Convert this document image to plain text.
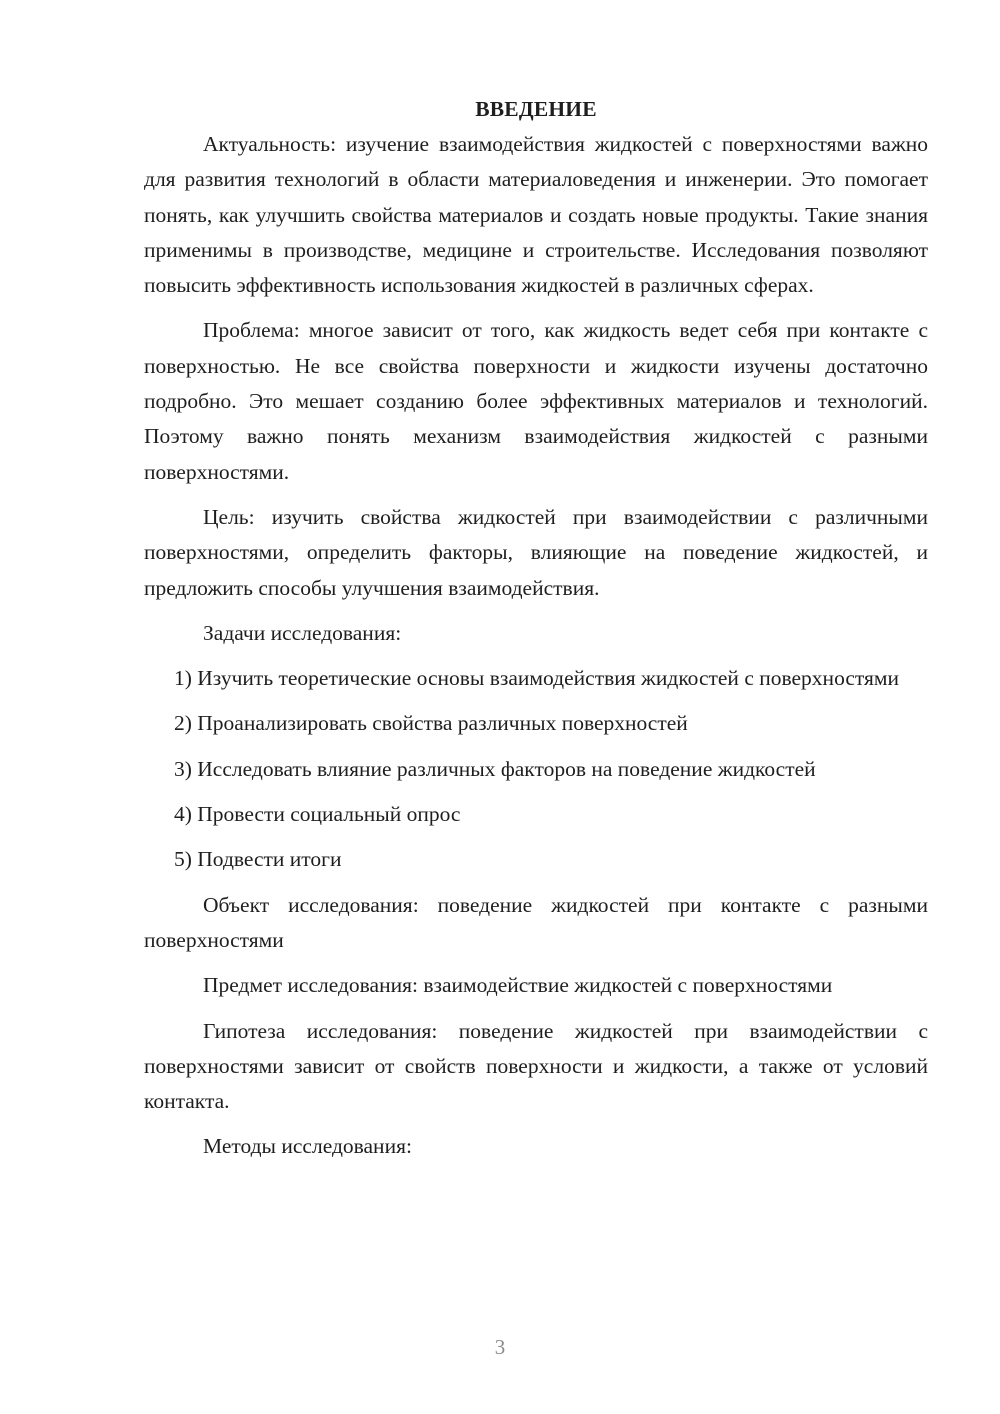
ВВЕДЕНИЕ

Актуальность: изучение взаимодействия жидкостей с поверхностями важно для развития технологий в области материаловедения и инженерии. Это помогает понять, как улучшить свойства материалов и создать новые продукты. Такие знания применимы в производстве, медицине и строительстве. Исследования позволяют повысить эффективность использования жидкостей в различных сферах.

Проблема: многое зависит от того, как жидкость ведет себя при контакте с поверхностью. Не все свойства поверхности и жидкости изучены достаточно подробно. Это мешает созданию более эффективных материалов и технологий. Поэтому важно понять механизм взаимодействия жидкостей с разными поверхностями.

Цель: изучить свойства жидкостей при взаимодействии с различными поверхностями, определить факторы, влияющие на поведение жидкостей, и предложить способы улучшения взаимодействия.

Задачи исследования:

1) Изучить теоретические основы взаимодействия жидкостей с поверхностями

2) Проанализировать свойства различных поверхностей

3) Исследовать влияние различных факторов на поведение жидкостей

4) Провести социальный опрос

5) Подвести итоги

Объект исследования: поведение жидкостей при контакте с разными поверхностями

Предмет исследования: взаимодействие жидкостей с поверхностями

Гипотеза исследования: поведение жидкостей при взаимодействии с поверхностями зависит от свойств поверхности и жидкости, а также от условий контакта.

Методы исследования:

3
